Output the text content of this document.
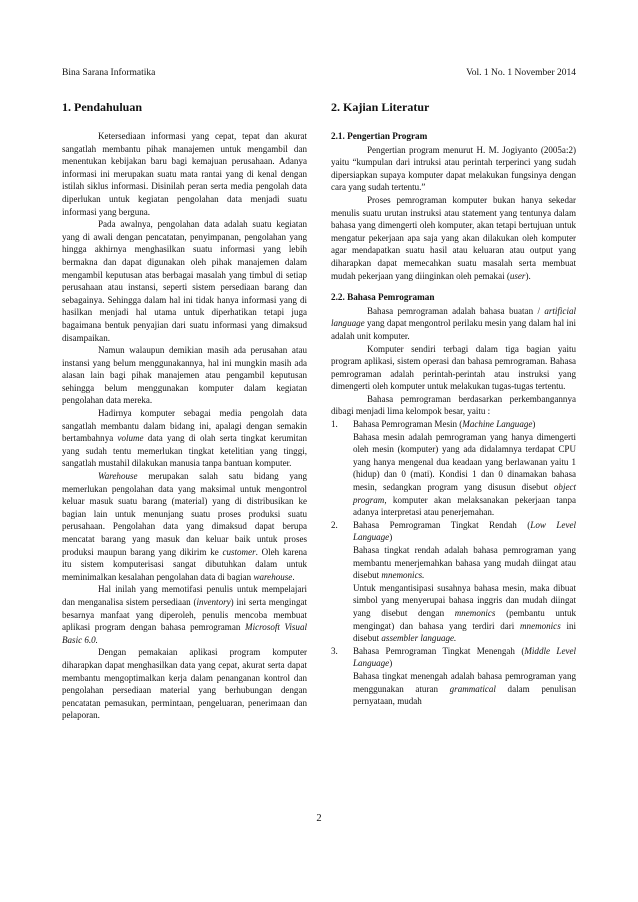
Bina Sarana Informatika	Vol. 1 No. 1 November 2014
1. Pendahuluan

Ketersediaan informasi yang cepat, tepat dan akurat sangatlah membantu pihak manajemen untuk mengambil dan menentukan kebijakan baru bagi kemajuan perusahaan. Adanya informasi ini merupakan suatu mata rantai yang di kenal dengan istilah siklus informasi. Disinilah peran serta media pengolah data diperlukan untuk kegiatan pengolahan data menjadi suatu informasi yang berguna.

Pada awalnya, pengolahan data adalah suatu kegiatan yang di awali dengan pencatatan, penyimpanan, pengolahan yang hingga akhirnya menghasilkan suatu informasi yang lebih bermakna dan dapat digunakan oleh pihak manajemen dalam mengambil keputusan atas berbagai masalah yang timbul di setiap perusahaan atau instansi, seperti sistem persediaan barang dan sebagainya. Sehingga dalam hal ini tidak hanya informasi yang di hasilkan menjadi hal utama untuk diperhatikan tetapi juga bagaimana bentuk penyajian dari suatu informasi yang dimaksud disampaikan.

Namun walaupun demikian masih ada perusahan atau instansi yang belum menggunakannya, hal ini mungkin masih ada alasan lain bagi pihak manajemen atau pengambil keputusan sehingga belum menggunakan komputer dalam kegiatan pengolahan data mereka.

Hadirnya komputer sebagai media pengolah data sangatlah membantu dalam bidang ini, apalagi dengan semakin bertambahnya volume data yang di olah serta tingkat kerumitan yang sudah tentu memerlukan tingkat ketelitian yang tinggi, sangatlah mustahil dilakukan manusia tanpa bantuan komputer.

Warehouse merupakan salah satu bidang yang memerlukan pengolahan data yang maksimal untuk mengontrol keluar masuk suatu barang (material) yang di distribusikan ke bagian lain untuk menunjang suatu proses produksi suatu perusahaan. Pengolahan data yang dimaksud dapat berupa mencatat barang yang masuk dan keluar baik untuk proses produksi maupun barang yang dikirim ke customer. Oleh karena itu sistem komputerisasi sangat dibutuhkan dalam untuk meminimalkan kesalahan pengolahan data di bagian warehouse.

Hal inilah yang memotifasi penulis untuk mempelajari dan menganalisa sistem persediaan (inventory) ini serta mengingat besarnya manfaat yang diperoleh, penulis mencoba membuat aplikasi program dengan bahasa pemrograman Microsoft Visual Basic 6.0.

Dengan pemakaian aplikasi program komputer diharapkan dapat menghasilkan data yang cepat, akurat serta dapat membantu mengoptimalkan kerja dalam penanganan kontrol dan pengolahan persediaan material yang berhubungan dengan pencatatan pemasukan, permintaan, pengeluaran, penerimaan dan pelaporan.

2. Kajian Literatur
2.1. Pengertian Program

Pengertian program menurut H. M. Jogiyanto (2005a:2) yaitu “kumpulan dari intruksi atau perintah terperinci yang sudah dipersiapkan supaya komputer dapat melakukan fungsinya dengan cara yang sudah tertentu.”

Proses pemrograman komputer bukan hanya sekedar menulis suatu urutan instruksi atau statement yang tentunya dalam bahasa yang dimengerti oleh komputer, akan tetapi bertujuan untuk mengatur pekerjaan apa saja yang akan dilakukan oleh komputer agar mendapatkan suatu hasil atau keluaran atau output yang diharapkan dapat memecahkan suatu masalah serta membuat mudah pekerjaan yang diinginkan oleh pemakai (user).

2.2. Bahasa Pemrograman

Bahasa pemrograman adalah bahasa buatan / artificial language yang dapat mengontrol perilaku mesin yang dalam hal ini adalah unit komputer.

Komputer sendiri terbagi dalam tiga bagian yaitu program aplikasi, sistem operasi dan bahasa pemrograman. Bahasa pemrograman adalah perintah-perintah atau instruksi yang dimengerti oleh komputer untuk melakukan tugas-tugas tertentu.

Bahasa pemrograman berdasarkan perkembangannya dibagi menjadi lima kelompok besar, yaitu :

1.	Bahasa Pemrograman Mesin (Machine Language)

Bahasa mesin adalah pemrograman yang hanya dimengerti oleh mesin (komputer) yang ada didalamnya terdapat CPU yang hanya mengenal dua keadaan yang berlawanan yaitu 1 (hidup) dan 0 (mati). Kondisi 1 dan 0 dinamakan bahasa mesin, sedangkan program yang disusun disebut object program, komputer akan melaksanakan pekerjaan tanpa adanya interpretasi atau penerjemahan.

2.	Bahasa Pemrograman Tingkat Rendah (Low Level Language)

Bahasa tingkat rendah adalah bahasa pemrograman yang membantu menerjemahkan bahasa yang mudah diingat atau disebut mnemonics.

Untuk mengantisipasi susahnya bahasa mesin, maka dibuat simbol yang menyerupai bahasa inggris dan mudah diingat yang disebut dengan mnemonics (pembantu untuk mengingat) dan bahasa yang terdiri dari mnemonics ini disebut assembler language.

3.	Bahasa Pemrograman Tingkat Menengah (Middle Level Language)

Bahasa tingkat menengah adalah bahasa pemrograman yang menggunakan aturan grammatical dalam penulisan pernyataan, mudah

2
